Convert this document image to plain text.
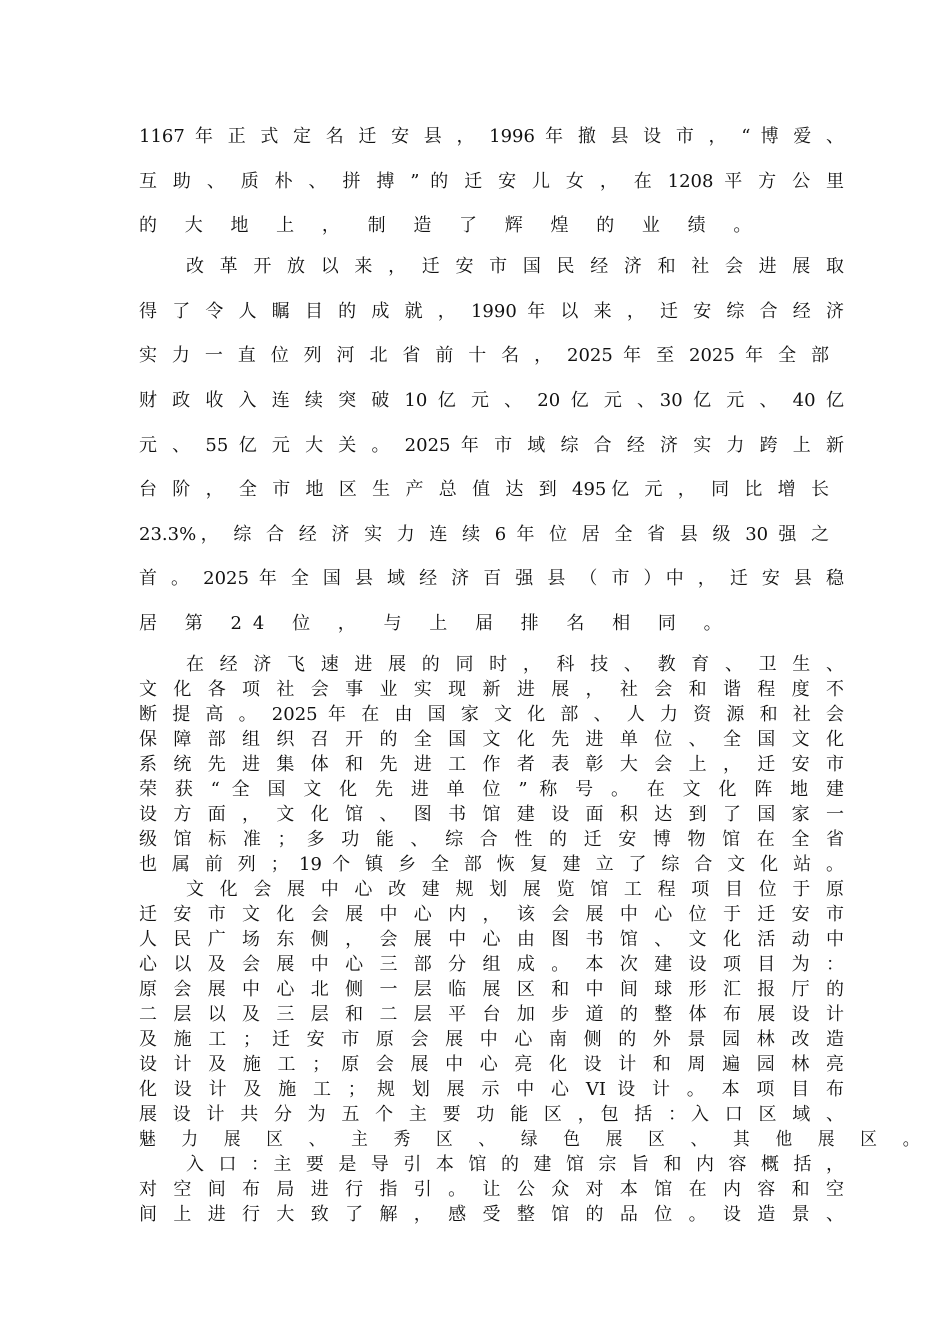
1167 年 正 式 定 名 迁 安 县 ， 1996 年 撤 县 设 市 ， “ 博 爱 、
互 助 、 质 朴 、 拼 搏 ” 的 迁 安 儿 女 ， 在 1208 平 方 公 里
的 大 地 上 ， 制 造 了 辉 煌 的 业 绩 。
改 革 开 放 以 来 ， 迁 安 市 国 民 经 济 和 社 会 进 展 取
得 了 令 人 瞩 目 的 成 就 ， 1990 年 以 来 ， 迁 安 综 合 经 济
实 力 一 直 位 列 河 北 省 前 十 名 ， 2025 年 至 2025 年 全 部
财 政 收 入 连 续 突 破 10 亿 元 、 20 亿 元 、30 亿 元 、 40 亿
元 、 55 亿 元 大 关 。 2025 年 市 域 综 合 经 济 实 力 跨 上 新
台 阶 ， 全 市 地 区 生 产 总 值 达 到 495亿 元 ， 同 比 增 长
23.3%， 综 合 经 济 实 力 连 续 6 年 位 居 全 省 县 级 30 强 之
首 。 2025 年 全 国 县 域 经 济 百 强 县 （ 市 ）中 ， 迁 安 县 稳
居 第 24 位 ， 与 上 届 排 名 相 同 。
在 经 济 飞 速 进 展 的 同 时 ， 科 技 、 教 育 、 卫 生 、
文 化 各 项 社 会 事 业 实 现 新 进 展 ， 社 会 和 谐 程 度 不
断 提 高 。 2025 年 在 由 国 家 文 化 部 、 人 力 资 源 和 社 会
保 障 部 组 织 召 开 的 全 国 文 化 先 进 单 位 、 全 国 文 化
系 统 先 进 集 体 和 先 进 工 作 者 表 彰 大 会 上 ， 迁 安 市
荣 获 “ 全 国 文 化 先 进 单 位 ” 称 号 。 在 文 化 阵 地 建
设 方 面 ， 文 化 馆 、 图 书 馆 建 设 面 积 达 到 了 国 家 一
级 馆 标 准 ； 多 功 能 、 综 合 性 的 迁 安 博 物 馆 在 全 省
也 属 前 列 ； 19 个 镇 乡 全 部 恢 复 建 立 了 综 合 文 化 站 。
文 化 会 展 中 心 改 建 规 划 展 览 馆 工 程 项 目 位 于 原
迁 安 市 文 化 会 展 中 心 内 ， 该 会 展 中 心 位 于 迁 安 市
人 民 广 场 东 侧 ， 会 展 中 心 由 图 书 馆 、 文 化 活 动 中
心 以 及 会 展 中 心 三 部 分 组 成 。 本 次 建 设 项 目 为 ：
原 会 展 中 心 北 侧 一 层 临 展 区 和 中 间 球 形 汇 报 厅 的
二 层 以 及 三 层 和 二 层 平 台 加 步 道 的 整 体 布 展 设 计
及 施 工 ； 迁 安 市 原 会 展 中 心 南 侧 的 外 景 园 林 改 造
设 计 及 施 工 ； 原 会 展 中 心 亮 化 设 计 和 周 遍 园 林 亮
化 设 计 及 施 工 ； 规 划 展 示 中 心 VI 设 计 。 本 项 目 布
展 设 计 共 分 为 五 个 主 要 功 能 区 ，包 括 ：入 口 区 域 、
魅 力 展 区 、 主 秀 区 、 绿 色 展 区 、 其 他 展 区 。
入 口 ：主 要 是 导 引 本 馆 的 建 馆 宗 旨 和 内 容 概 括 ，
对 空 间 布 局 进 行 指 引 。 让 公 众 对 本 馆 在 内 容 和 空
间 上 进 行 大 致 了 解 ， 感 受 整 馆 的 品 位 。 设 造 景 、
